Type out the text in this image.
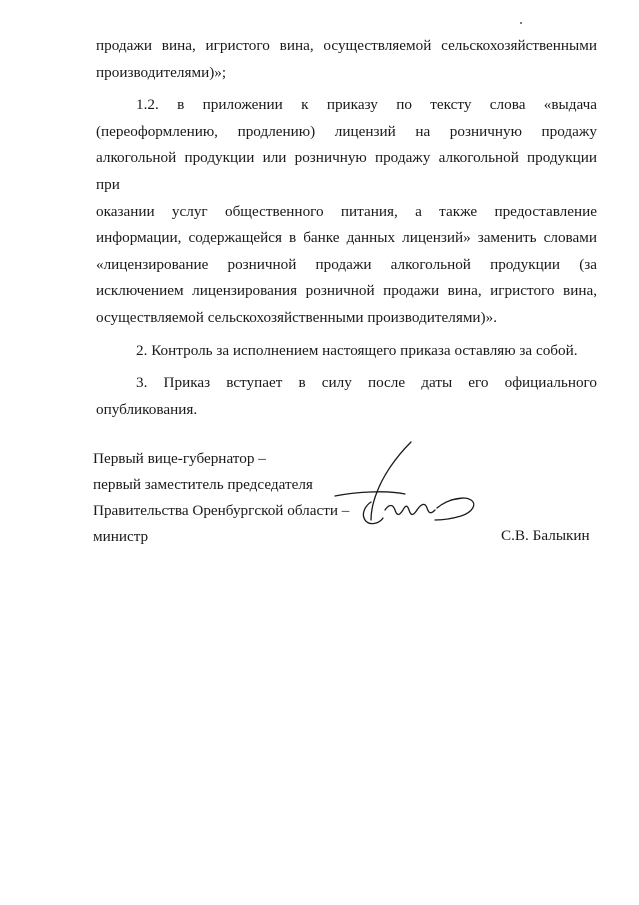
продажи вина, игристого вина, осуществляемой сельскохозяйственными
производителями)»;

1.2. в приложении к приказу по тексту слова «выдача
(переоформлению, продлению) лицензий на розничную продажу
алкогольной продукции или розничную продажу алкогольной продукции при
оказании услуг общественного питания, а также предоставление
информации, содержащейся в банке данных лицензий» заменить словами
«лицензирование розничной продажи алкогольной продукции (за
исключением лицензирования розничной продажи вина, игристого вина,
осуществляемой сельскохозяйственными производителями)».

2. Контроль за исполнением настоящего приказа оставляю за собой.

3. Приказ вступает в силу после даты его официального
опубликования.

Первый вице-губернатор –
первый заместитель председателя
Правительства Оренбургской области –
министр	С.В. Балыкин
